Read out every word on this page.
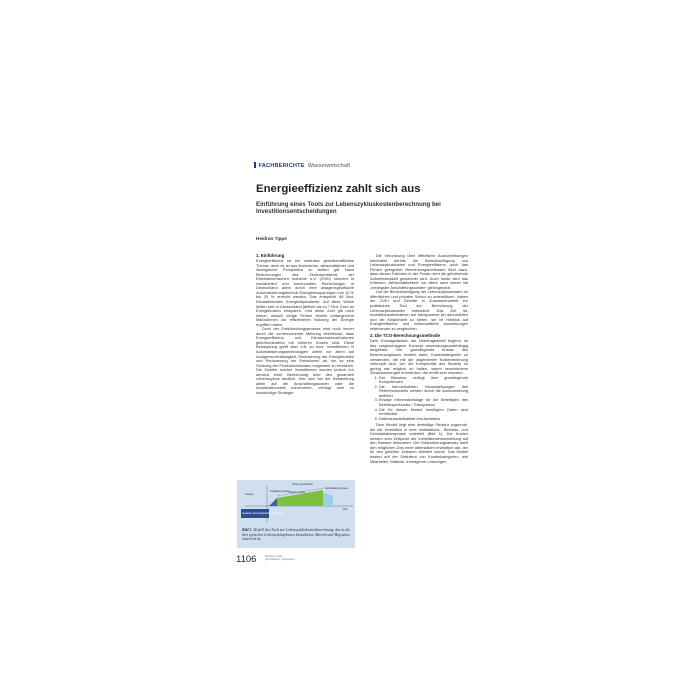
FACHBERICHTE Wasserwirtschaft
Energieeffizienz zahlt sich aus
Einführung eines Tools zur Lebenszykluskostenberechnung bei Investitionsentscheidungen
Heidrun Tippe
1. Einführung

Energieeffizienz ist ein zentrales gesellschaftliches Thema, denn es ist aus technischer, wirtschaftlicher und ökologischer Perspektive zu stellen gilt. Nach Berechnungen des Zentralverbands der Elektrotechnischen Industrie e.V. (ZVEI) könnten in industriellen und kommunalen Einrichtungen in Deutschland allein durch eine anlagenspezifische Automatisierungstechnik Energieeinsparungen von 10 % bis 25 % erreicht werden. Das entspricht 88 Mrd. Kilowattstunden Energieäquivalente. Auf diese Weise ließen sich in Deutschland jährlich bis zu 7 Mrd. Euro an Energiekosten einsparen. Und diese Zahl gilt noch immer, obwohl einige Firmen bereits umfangreiche Maßnahmen zur effizienteren Nutzung der Energie ergriffen haben.

Doch der Entscheidungsprozess wird noch immer durch die vorherrschende Meinung beeinflusst, dass Energieeffizienz- und Klimaschutzmaßnahmen gleichbedeutend mit höheren Kosten sind. Diese Behauptung greift aber z.B. zu kurz: Investitionen in Automatisierungstechnologien zielen vor allem auf Anlagenzuverlässigkeit, Reduzierung der Energiekosten und Reduzierung der Emissionen ab, um so eine Senkung der Produktionskosten insgesamt zu erreichen. Die Vorteile solcher Investitionen werden jedoch nur anhand einer Berechnung über den gesamten Lebenszyklus deutlich. Wer sich bei der Betrachtung allein auf die Anschaffungskosten oder die Amortisationszeit konzentriert, verfolgt eine zu kurzsichtige Strategie.

Die Verordnung über öffentliche Ausschreibungen beinhaltet bereits die Berücksichtigung von Lebenszykluskosten und Energieeffizienz, doch das Fehlen geeigneter Berechnungsmethoden führt dazu, dass diesen Faktoren in der Praxis nicht die gebührende Aufmerksamkeit geschenkt wird. Auch heute wird das Kriterium „Wirtschaftlichkeit“ vor allem noch immer mit „niedrigster Anschaffungskosten“ gleichgesetzt.

Um die Berücksichtigung der Lebenszykluskosten im öffentlichen und privaten Sektor zu unterstützen, haben der ZVEI und Deloitte in Zusammenarbeit ein praktisches Tool zur Berechnung der Lebenszykluskosten entwickelt. Das Ziel ist, Investitionsalternativen auf transparente Art darzustellen und die Möglichkeit zu bieten, sie im Hinblick auf Energieeffizienz und wirtschaftliche Auswirkungen miteinander zu vergleichen.

2. Die TCO-Berechnungsmethode

Dem Grundgedanken der Übertragbarkeit folgend, ist das vorgeschlagene Konzept anwendungsunabhängig aufgebaut. Der grundlegende Ansatz des Berechnungstools besteht darin, Kostenkategorien zu verwenden, die mit der allgemeinen Kostenrechnung verknüpft sind. Um die Komplexität des Modells so gering wie möglich zu halten, waren verschiedene Voraussetzungen erforderlich, die erfüllt sein mussten:

1. Der Benutzer verfügt über grundlegende Kompetenzen
2. Die harmonisierten Voraussetzungen des Referenzmodells werden durch die Ausschreibung definiert
3. Einzige Informationslage für die Beteiligten des Betriebspersonals / Transparenz
4. Die für dieses Modell benötigten Daten sind ermittelbar
5. Datenauswählbarkeit des Anbieters

Dem Modell liegt eine dreiteilige Struktur zugrunde, die die Investition in eine Installations-, Betriebs- und Deinstallationsphase unterteilt (Bild 1). Die Kosten werden zum Zeitpunkt der Investitionsentscheidung auf den Barwert diskontiert. Der Diskontierungsansatz stellt den möglichen Zins einer alternativen Investition dar, der für den gleichen Zeitraum definiert wurde. Das Modell basiert auf der Definition von Kostenkategorien, wie Mitarbeiter, Material, fremdgenre Leistungen,

Kosten
Installations-phase Betriebs-phase
Nutzen (gestrichelt)
Deinstallations-phase
Gesamte Lebenszykluskosten (Barwert)
Zeit
Bild 1. Modell des Tools zur Lebenszykluskostenberechnung, das in die drei typischen Lebenszyklusphasen Installation, Betrieb und Migration unterteilt ist.
1106	Oktober 2011
gwf-Wasser | Abwasser
